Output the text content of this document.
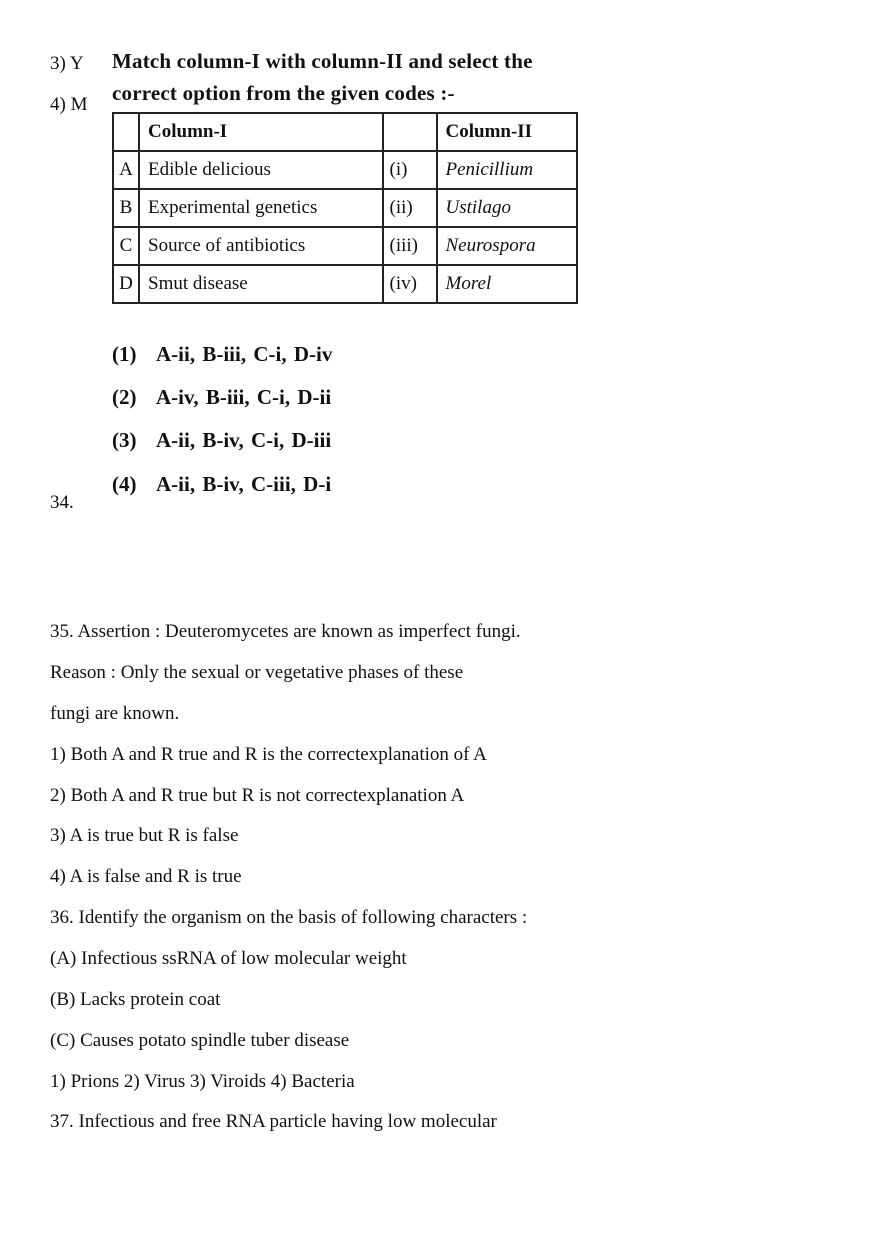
3) Y
4) M
Match column-I with column-II and select the
correct option from the given codes :-
	Column-I		Column-II
A	Edible delicious	(i)	Penicillium
B	Experimental genetics	(ii)	Ustilago
C	Source of antibiotics	(iii)	Neurospora
D	Smut disease	(iv)	Morel
(1) A-ii, B-iii, C-i, D-iv
(2) A-iv, B-iii, C-i, D-ii
(3) A-ii, B-iv, C-i, D-iii
(4) A-ii, B-iv, C-iii, D-i
34.
35. Assertion : Deuteromycetes are known as imperfect fungi.
Reason : Only the sexual or vegetative phases of these
fungi are known.
1) Both A and R true and R is the correctexplanation of A
2) Both A and R true but R is not correctexplanation A
3) A is true but R is false
4) A is false and R is true
36. Identify the organism on the basis of following characters :
(A) Infectious ssRNA of low molecular weight
(B) Lacks protein coat
(C) Causes potato spindle tuber disease
1) Prions 2) Virus 3) Viroids 4) Bacteria
37. Infectious and free RNA particle having low molecular
